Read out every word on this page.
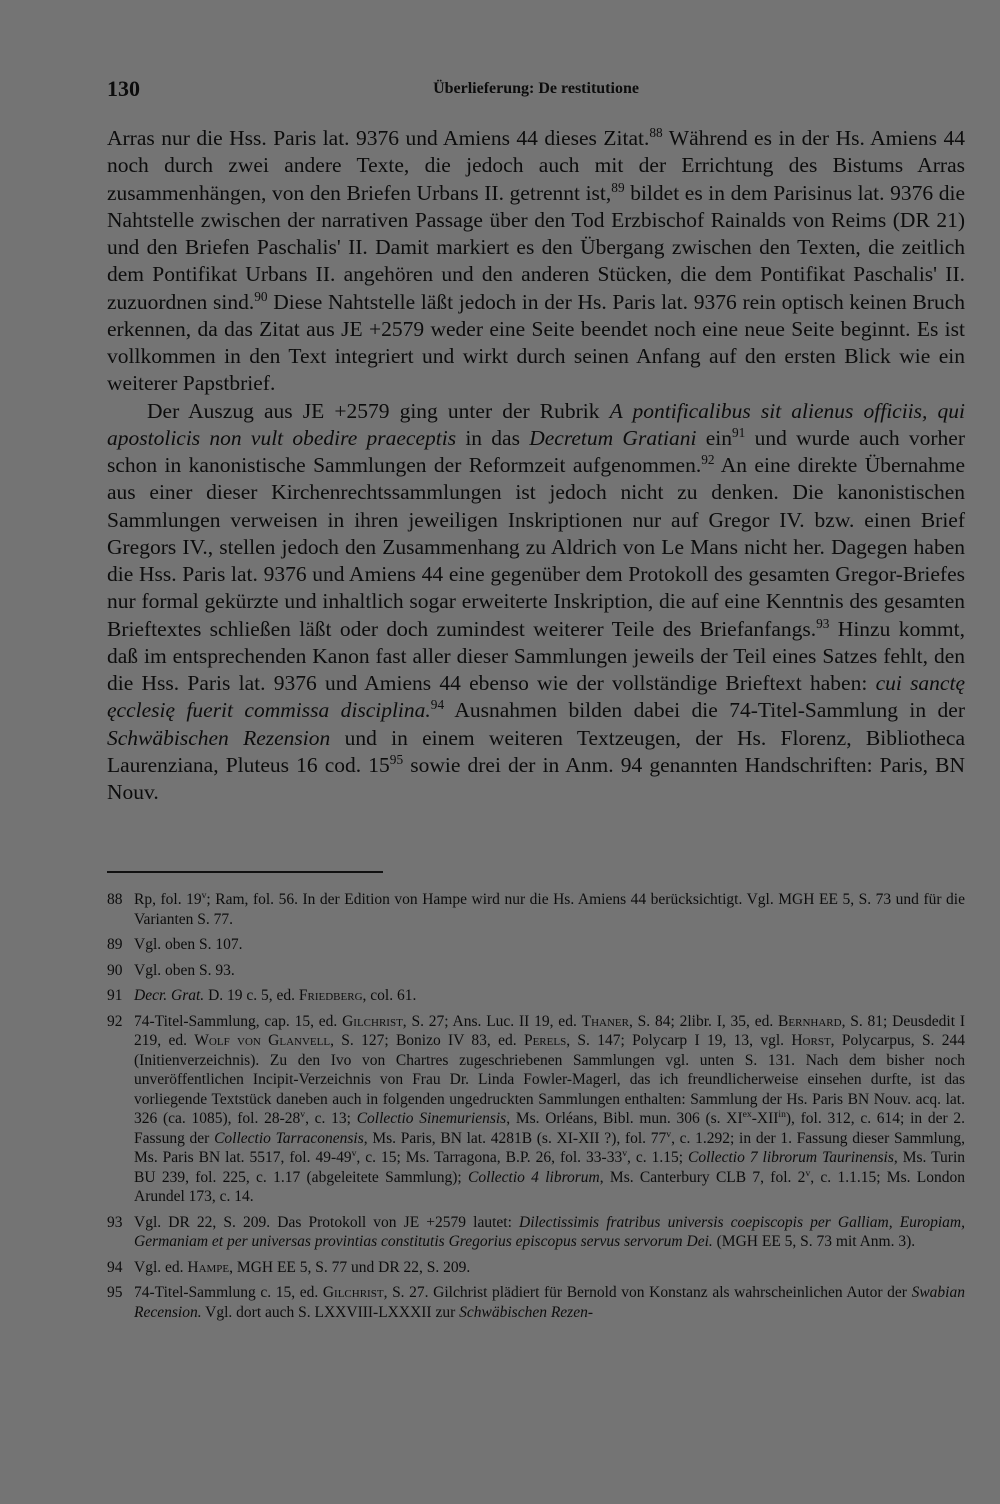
130	Überlieferung: De restitutione

Arras nur die Hss. Paris lat. 9376 und Amiens 44 dieses Zitat.$^{88}$ Während es in der Hs. Amiens 44 noch durch zwei andere Texte, die jedoch auch mit der Errichtung des Bistums Arras zusammenhängen, von den Briefen Urbans II. getrennt ist,$^{89}$ bildet es in dem Parisinus lat. 9376 die Nahtstelle zwischen der narrativen Passage über den Tod Erzbischof Rainalds von Reims (DR 21) und den Briefen Paschalis' II. Damit markiert es den Übergang zwischen den Texten, die zeitlich dem Pontifikat Urbans II. angehören und den anderen Stücken, die dem Pontifikat Paschalis' II. zuzuordnen sind.$^{90}$ Diese Nahtstelle läßt jedoch in der Hs. Paris lat. 9376 rein optisch keinen Bruch erkennen, da das Zitat aus JE +2579 weder eine Seite beendet noch eine neue Seite beginnt. Es ist vollkommen in den Text integriert und wirkt durch seinen Anfang auf den ersten Blick wie ein weiterer Papstbrief.

Der Auszug aus JE +2579 ging unter der Rubrik A pontificalibus sit alienus officiis, qui apostolicis non vult obedire praeceptis in das Decretum Gratiani ein$^{91}$ und wurde auch vorher schon in kanonistische Sammlungen der Reformzeit aufgenommen.$^{92}$ An eine direkte Übernahme aus einer dieser Kirchenrechtssammlungen ist jedoch nicht zu denken. Die kanonistischen Sammlungen verweisen in ihren jeweiligen Inskriptionen nur auf Gregor IV. bzw. einen Brief Gregors IV., stellen jedoch den Zusammenhang zu Aldrich von Le Mans nicht her. Dagegen haben die Hss. Paris lat. 9376 und Amiens 44 eine gegenüber dem Protokoll des gesamten Gregor-Briefes nur formal gekürzte und inhaltlich sogar erweiterte Inskription, die auf eine Kenntnis des gesamten Brieftextes schließen läßt oder doch zumindest weiterer Teile des Briefanfangs.$^{93}$ Hinzu kommt, daß im entsprechenden Kanon fast aller dieser Sammlungen jeweils der Teil eines Satzes fehlt, den die Hss. Paris lat. 9376 und Amiens 44 ebenso wie der vollständige Brieftext haben: cui sanctę ęcclesię fuerit commissa disciplina.$^{94}$ Ausnahmen bilden dabei die 74-Titel-Sammlung in der Schwäbischen Rezension und in einem weiteren Textzeugen, der Hs. Florenz, Bibliotheca Laurenziana, Pluteus 16 cod. $15^{95}$ sowie drei der in Anm. 94 genannten Handschriften: Paris, BN Nouv.

88 Rp, fol. 19$^v$; Ram, fol. 56. In der Edition von Hampe wird nur die Hs. Amiens 44 berücksichtigt. Vgl. MGH EE 5, S. 73 und für die Varianten S. 77.
89 Vgl. oben S. 107.
90 Vgl. oben S. 93.
91 Decr. Grat. D. 19 c. 5, ed. Friedberg, col. 61.
92 74-Titel-Sammlung, cap. 15, ed. Gilchrist, S. 27; Ans. Luc. II 19, ed. Thaner, S. 84; 2libr. I, 35, ed. Bernhard, S. 81; Deusdedit I 219, ed. Wolf von Glanvell, S. 127; Bonizo IV 83, ed. Perels, S. 147; Polycarp I 19, 13, vgl. Horst, Polycarpus, S. 244 (Initienverzeichnis). Zu den Ivo von Chartres zugeschriebenen Sammlungen vgl. unten S. 131. Nach dem bisher noch unveröffentlichen Incipit-Verzeichnis von Frau Dr. Linda Fowler-Magerl, das ich freundlicherweise einsehen durfte, ist das vorliegende Textstück daneben auch in folgenden ungedruckten Sammlungen enthalten: Sammlung der Hs. Paris BN Nouv. acq. lat. 326 (ca. 1085), fol. 28-28$^v$, c. 13; Collectio Sinemuriensis, Ms. Orléans, Bibl. mun. 306 (s. $XI^{ex}-XII^{in}$), fol. 312, c. 614; in der 2. Fassung der Collectio Tarraconensis, Ms. Paris, BN lat. 4281B (s. XI-XII ?), fol. 77$^v$, c. 1.292; in der 1. Fassung dieser Sammlung, Ms. Paris BN lat. 5517, fol. 49-49$^v$, c. 15; Ms. Tarragona, B.P. 26, fol. 33-33$^v$, c. 1.15; Collectio 7 librorum Taurinensis, Ms. Turin BU 239, fol. 225, c. 1.17 (abgeleitete Sammlung); Collectio 4 librorum, Ms. Canterbury CLB 7, fol. 2$^v$, c. 1.1.15; Ms. London Arundel 173, c. 14.
93 Vgl. DR 22, S. 209. Das Protokoll von JE +2579 lautet: Dilectissimis fratribus universis coepiscopis per Galliam, Europiam, Germaniam et per universas provintias constitutis Gregorius episcopus servus servorum Dei. (MGH EE 5, S. 73 mit Anm. 3).
94 Vgl. ed. Hampe, MGH EE 5, S. 77 und DR 22, S. 209.
95 74-Titel-Sammlung c. 15, ed. Gilchrist, S. 27. Gilchrist plädiert für Bernold von Konstanz als wahrscheinlichen Autor der Swabian Recension. Vgl. dort auch S. LXXVIII-LXXXII zur Schwäbischen Rezen-
